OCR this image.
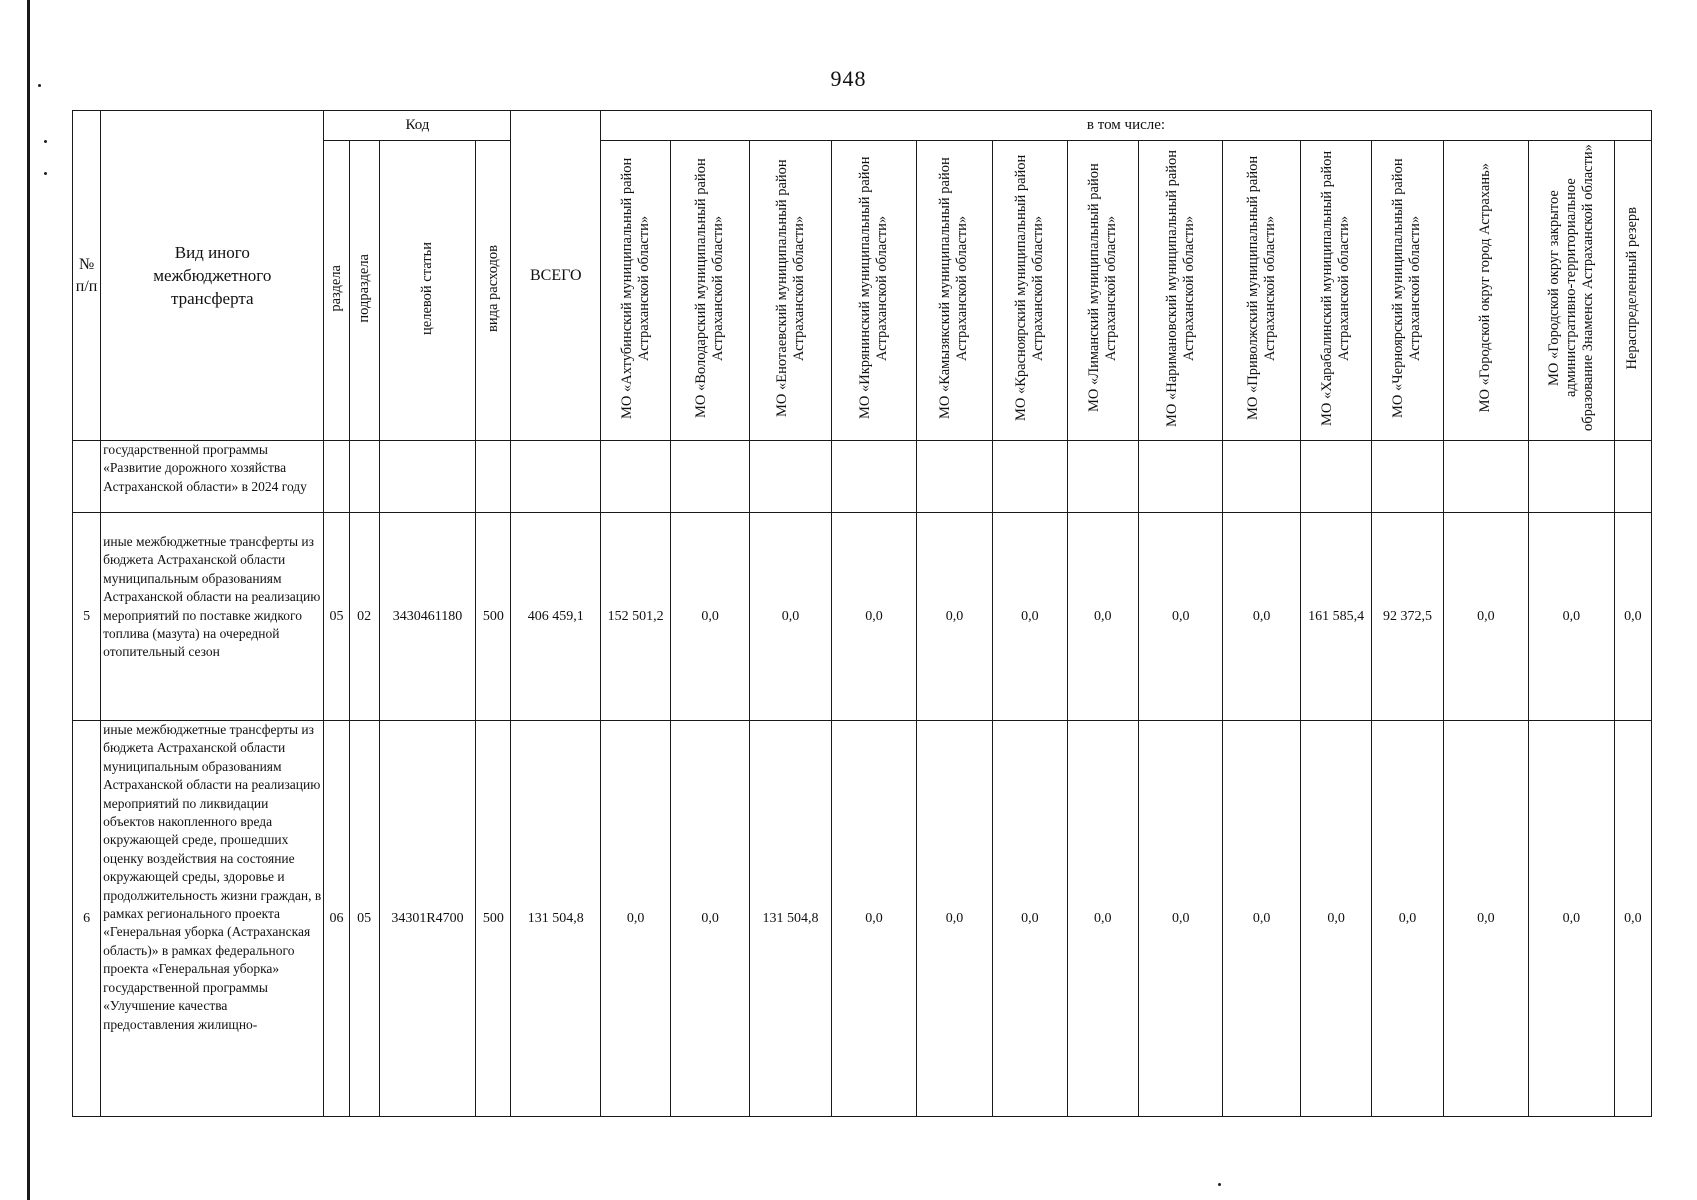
948
№ п/п	Вид иного межбюджетного трансферта	Код				ВСЕГО	в том числе:													
		раздела	подраздела	целевой статьи	вида расходов		МО «Ахтубинский муниципальный район Астраханской области»	МО «Володарский муниципальный район Астраханской области»	МО «Енотаевский муниципальный район Астраханской области»	МО «Икрянинский муниципальный район Астраханской области»	МО «Камызякский муниципальный район Астраханской области»	МО «Красноярский муниципальный район Астраханской области»	МО «Лиманский муниципальный район Астраханской области»	МО «Наримановский муниципальный район Астраханской области»	МО «Приволжский муниципальный район Астраханской области»	МО «Харабалинский муниципальный район Астраханской области»	МО «Черноярский муниципальный район Астраханской области»	МО «Городской округ город Астрахань»	МО «Городской округ закрытое административно-территориальное образование Знаменск Астраханской области»	Нераспределенный резерв
	государственной программы «Развитие дорожного хозяйства Астраханской области» в 2024 году																			
5	иные межбюджетные трансферты из бюджета Астраханской области муниципальным образованиям Астраханской области на реализацию мероприятий по поставке жидкого топлива (мазута) на очередной отопительный сезон	05	02	3430461180	500	406 459,1	152 501,2	0,0	0,0	0,0	0,0	0,0	0,0	0,0	0,0	161 585,4	92 372,5	0,0	0,0	0,0
6	иные межбюджетные трансферты из бюджета Астраханской области муниципальным образованиям Астраханской области на реализацию мероприятий по ликвидации объектов накопленного вреда окружающей среде, прошедших оценку воздействия на состояние окружающей среды, здоровье и продолжительность жизни граждан, в рамках регионального проекта «Генеральная уборка (Астраханская область)» в рамках федерального проекта «Генеральная уборка» государственной программы «Улучшение качества предоставления жилищно-	06	05	34301R4700	500	131 504,8	0,0	0,0	131 504,8	0,0	0,0	0,0	0,0	0,0	0,0	0,0	0,0	0,0	0,0	0,0
